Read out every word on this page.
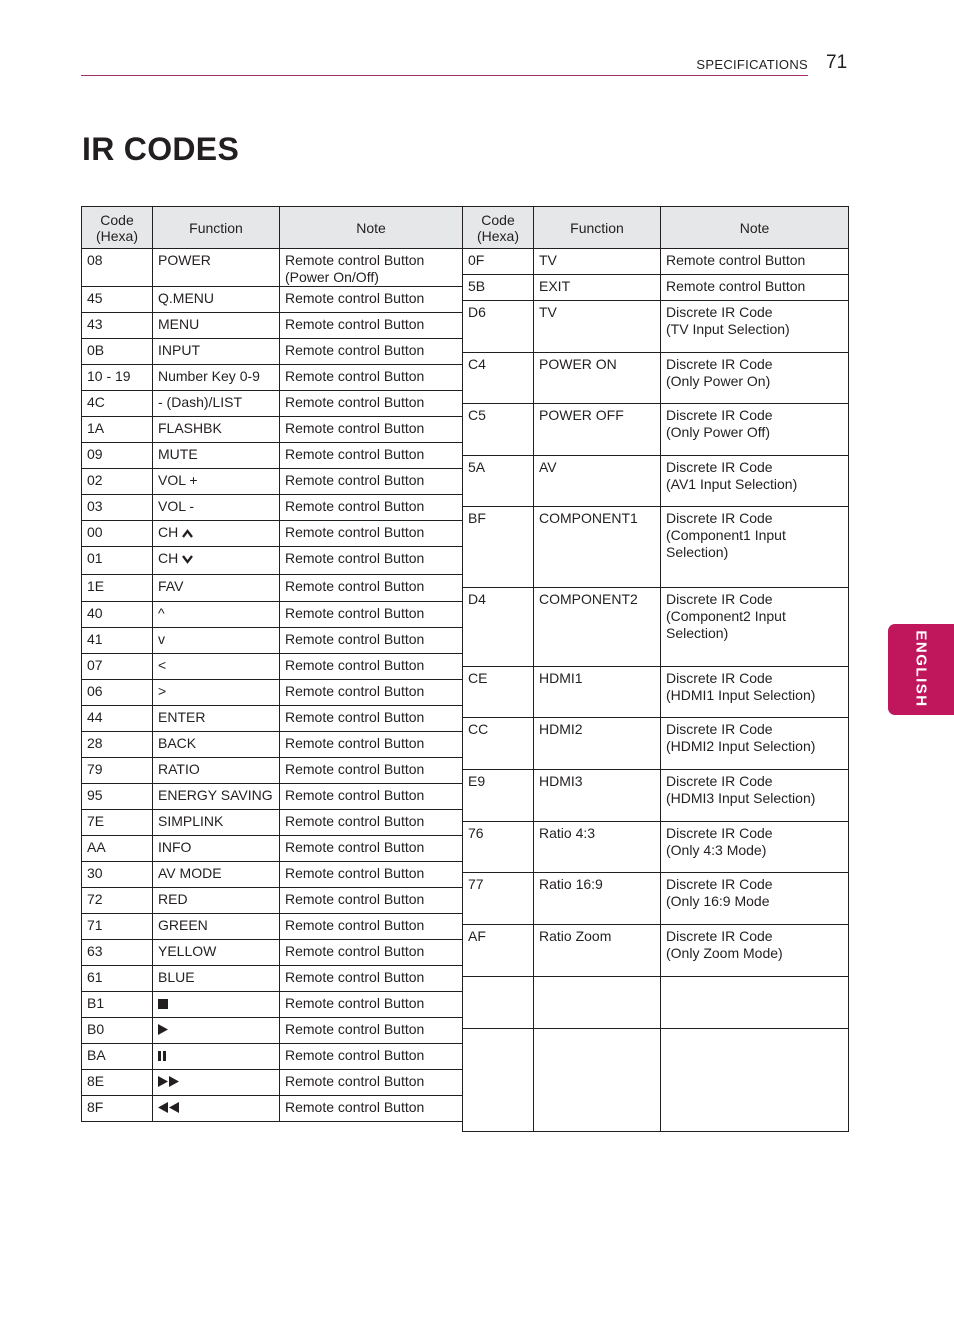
SPECIFICATIONS 71
IR CODES
ENGLISH
Code
(Hexa)	Function	Note
08	POWER	Remote control Button
(Power On/Off)
45	Q.MENU	Remote control Button
43	MENU	Remote control Button
0B	INPUT	Remote control Button
10 - 19	Number Key 0-9	Remote control Button
4C	- (Dash)/LIST	Remote control Button
1A	FLASHBK	Remote control Button
09	MUTE	Remote control Button
02	VOL +	Remote control Button
03	VOL -	Remote control Button
00	CH	Remote control Button
01	CH	Remote control Button
1E	FAV	Remote control Button
40	^	Remote control Button
41	v	Remote control Button
07	<	Remote control Button
06	>	Remote control Button
44	ENTER	Remote control Button
28	BACK	Remote control Button
79	RATIO	Remote control Button
95	ENERGY SAVING	Remote control Button
7E	SIMPLINK	Remote control Button
AA	INFO	Remote control Button
30	AV MODE	Remote control Button
72	RED	Remote control Button
71	GREEN	Remote control Button
63	YELLOW	Remote control Button
61	BLUE	Remote control Button
B1		Remote control Button
B0		Remote control Button
BA		Remote control Button
8E		Remote control Button
8F		Remote control Button
Code
(Hexa)	Function	Note
0F	TV	Remote control Button
5B	EXIT	Remote control Button
D6	TV	Discrete IR Code
(TV Input Selection)
C4	POWER ON	Discrete IR Code
(Only Power On)
C5	POWER OFF	Discrete IR Code
(Only Power Off)
5A	AV	Discrete IR Code
(AV1 Input Selection)
BF	COMPONENT1	Discrete IR Code
(Component1 Input
Selection)
D4	COMPONENT2	Discrete IR Code
(Component2 Input
Selection)
CE	HDMI1	Discrete IR Code
(HDMI1 Input Selection)
CC	HDMI2	Discrete IR Code
(HDMI2 Input Selection)
E9	HDMI3	Discrete IR Code
(HDMI3 Input Selection)
76	Ratio 4:3	Discrete IR Code
(Only 4:3 Mode)
77	Ratio 16:9	Discrete IR Code
(Only 16:9 Mode
AF	Ratio Zoom	Discrete IR Code
(Only Zoom Mode)
